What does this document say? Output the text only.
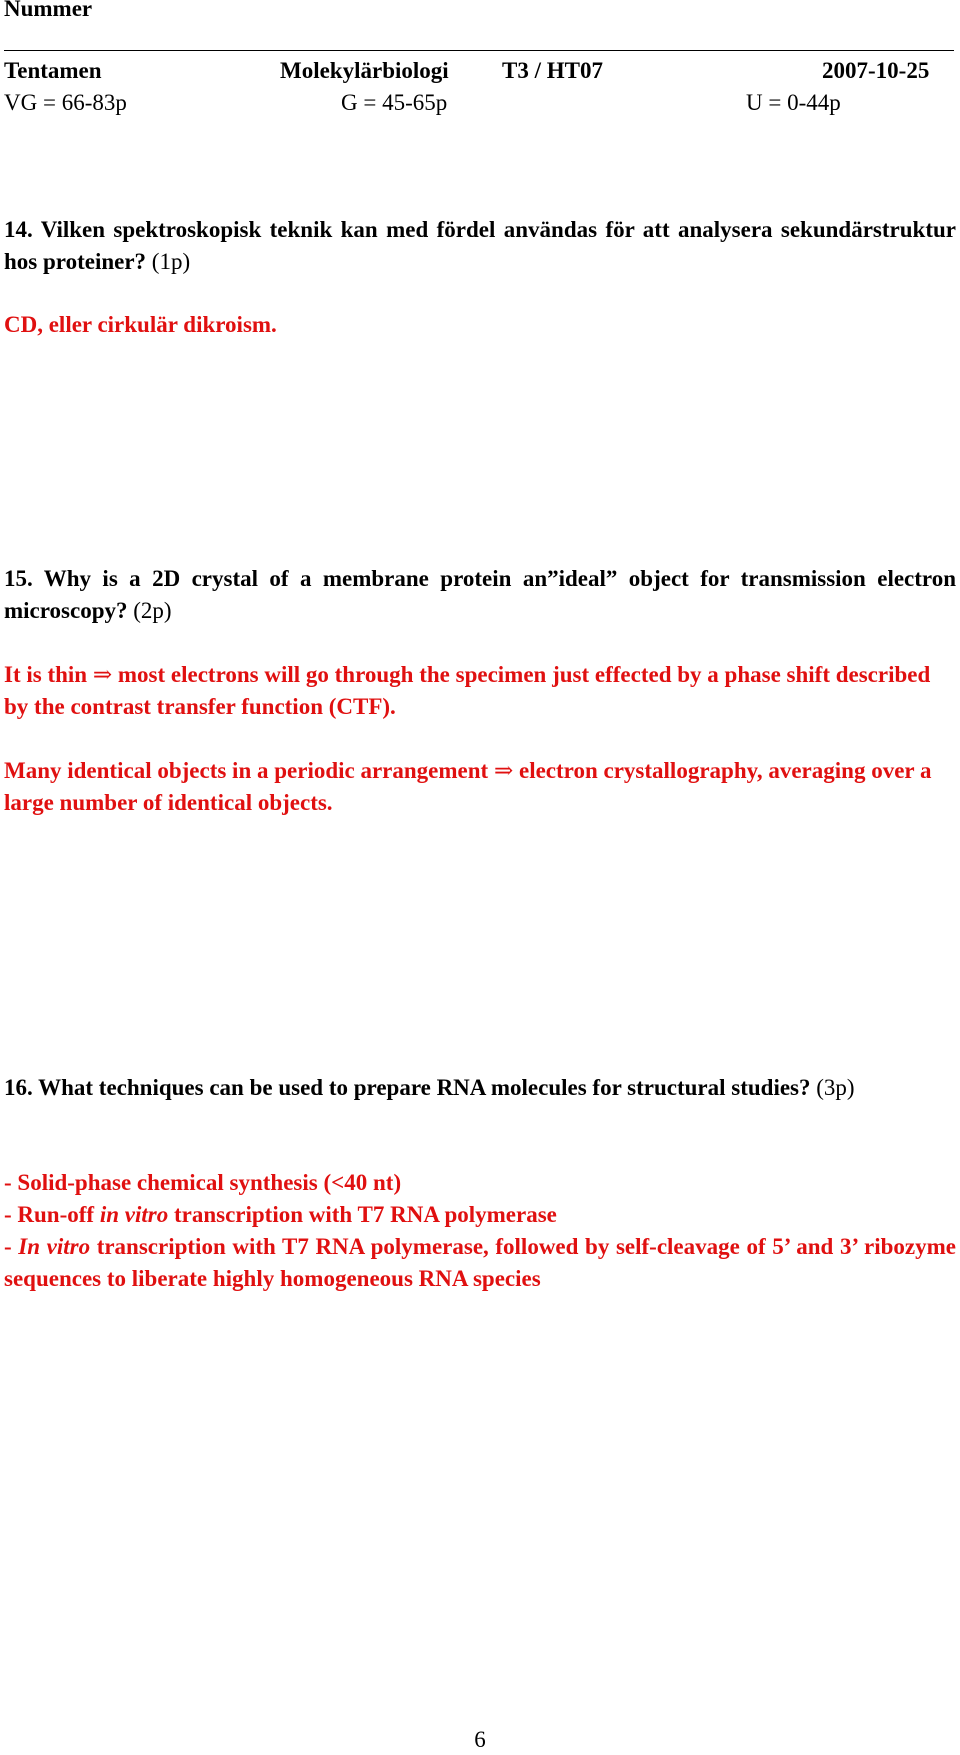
Nummer
Tentamen	Molekylärbiologi T3 / HT07	2007-10-25
VG = 66-83p	G = 45-65p	U = 0-44p
14. Vilken spektroskopisk teknik kan med fördel användas för att analysera sekundärstruktur hos proteiner? (1p)

CD, eller cirkulär dikroism.

15. Why is a 2D crystal of a membrane protein an”ideal” object for transmission electron microscopy? (2p)

It is thin ⇒ most electrons will go through the specimen just effected by a phase shift described by the contrast transfer function (CTF).

Many identical objects in a periodic arrangement ⇒ electron crystallography, averaging over a large number of identical objects.

16. What techniques can be used to prepare RNA molecules for structural studies? (3p)

- Solid-phase chemical synthesis (<40 nt)

- Run-off in vitro transcription with T7 RNA polymerase

- In vitro transcription with T7 RNA polymerase, followed by self-cleavage of 5’ and 3’ ribozyme sequences to liberate highly homogeneous RNA species

6
